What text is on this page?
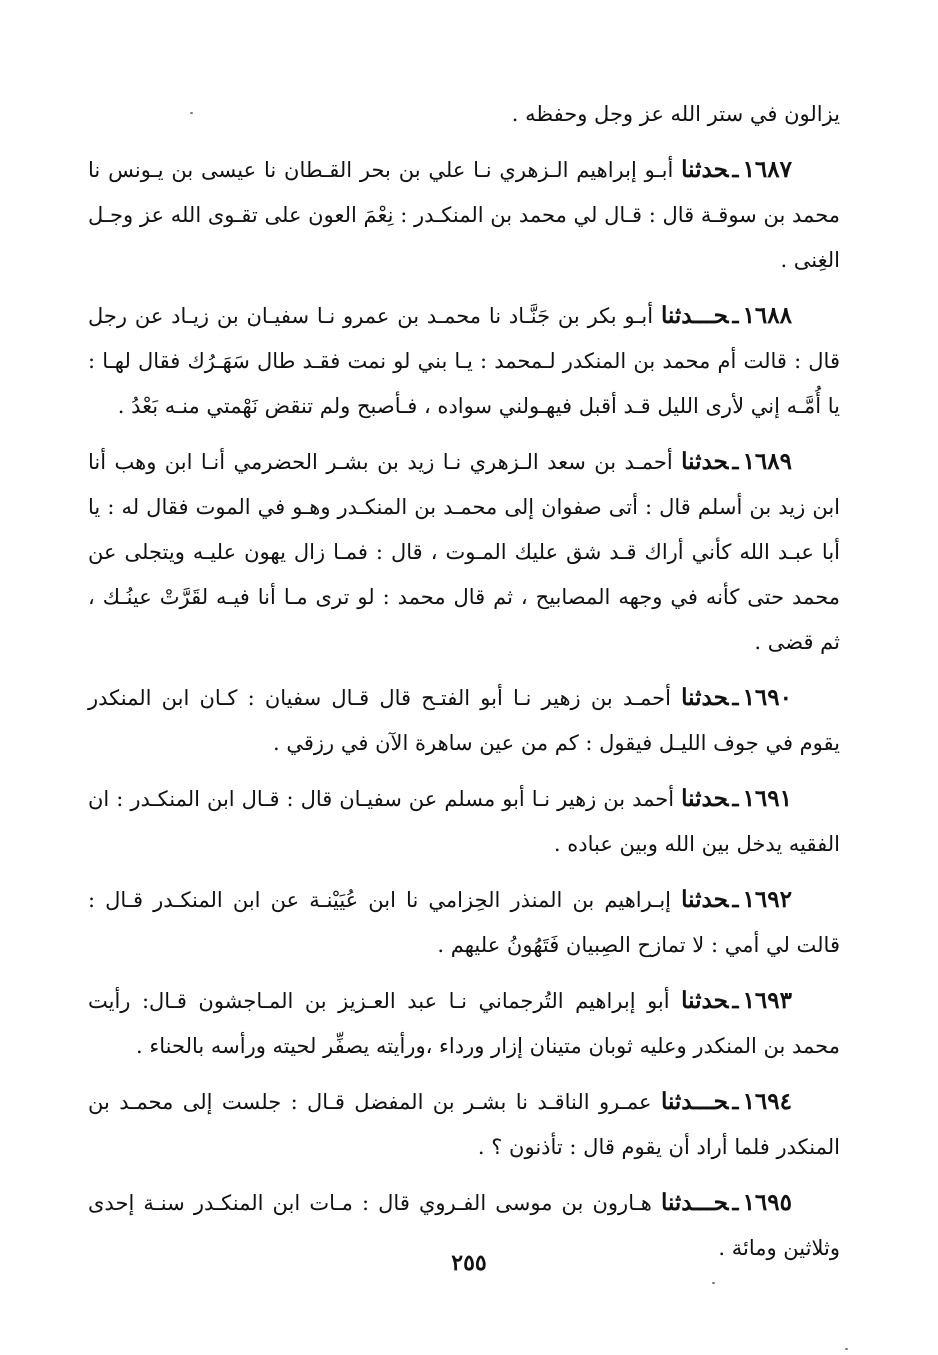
يزالون في ستر الله عز وجل وحفظه .

١٦٨٧ـحدثنا أبـو إبراهيم الـزهري نـا علي بن بحر القـطان نا عيسى بن يـونس نا محمد بن سوقـة قال : قـال لي محمد بن المنكـدر : نِعْمَ العون على تقـوى الله عز وجـل الغِنى .

١٦٨٨ـحـــدثنا أبـو بكر بن جَنَّـاد نا محمـد بن عمرو نـا سفيـان بن زيـاد عن رجل قال : قالت أم محمد بن المنكدر لـمحمد : يـا بني لو نمت فقـد طال سَهَـرُك فقال لهـا : يا أُمَّـه إني لأرى الليل قـد أقبل فيهـولني سواده ، فـأصبح ولم تنقض نَهْمتي منـه بَعْدُ .

١٦٨٩ـحدثنا أحمـد بن سعد الـزهري نـا زيد بن بشـر الحضرمي أنـا ابن وهب أنا ابن زيد بن أسلم قال : أتى صفوان إلى محمـد بن المنكـدر وهـو في الموت فقال له : يا أبا عبـد الله كأني أراك قـد شق عليك المـوت ، قال : فمـا زال يهون عليـه ويتجلى عن محمد حتى كأنه في وجهه المصابيح ، ثم قال محمد : لو ترى مـا أنا فيـه لقَرَّتْ عينُـك ، ثم قضى .

١٦٩٠ـحدثنا أحمـد بن زهير نـا أبو الفتـح قال قـال سفيان : كـان ابن المنكدر يقوم في جوف الليـل فيقول : كم من عين ساهرة الآن في رزقي .

١٦٩١ـحدثنا أحمد بن زهير نـا أبو مسلم عن سفيـان قال : قـال ابن المنكـدر : ان الفقيه يدخل بين الله وبين عباده .

١٦٩٢ـحدثنا إبـراهيم بن المنذر الحِزامي نا ابن عُيَيْنـة عن ابن المنكـدر قـال : قالت لي أمي : لا تمازح الصِبيان فَتَهُونُ عليهم .

١٦٩٣ـحدثنا أبو إبراهيم التُرجماني نـا عبد العـزيز بن المـاجشون قـال: رأيت محمد بن المنكدر وعليه ثوبان متينان إزار ورداء ،ورأيته يصفِّر لحيته ورأسه بالحناء .

١٦٩٤ـحـــدثنا عمـرو الناقـد نا بشـر بن المفضل قـال : جلست إلى محمـد بن المنكدر فلما أراد أن يقوم قال : تأذنون ؟ .

١٦٩٥ـحـــدثنا هـارون بن موسى الفـروي قال : مـات ابن المنكـدر سنـة إحدى وثلاثين ومائة .

٢٥٥
